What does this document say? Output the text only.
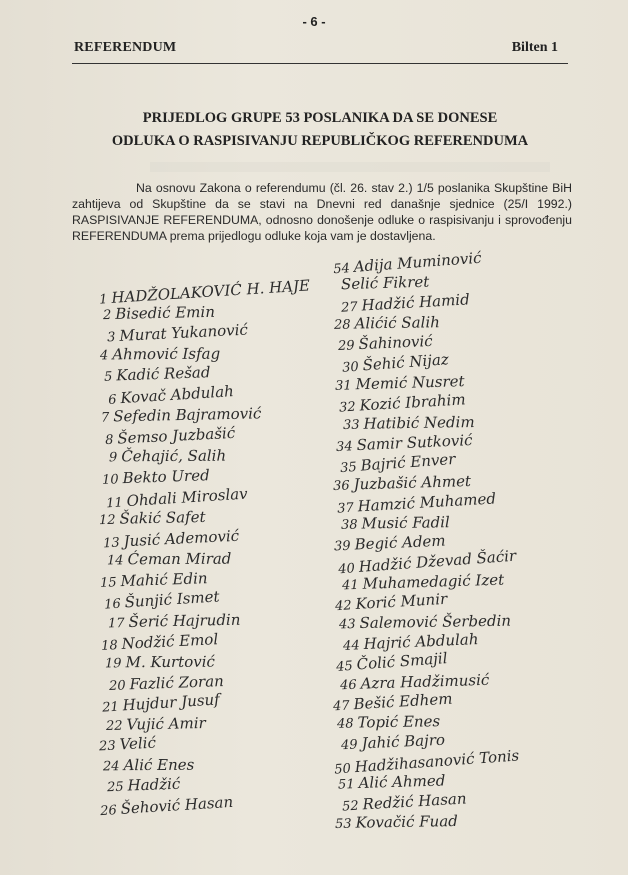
- 6 -
REFERENDUM	Bilten 1
PRIJEDLOG GRUPE 53 POSLANIKA DA SE DONESE
ODLUKA O RASPISIVANJU REPUBLIČKOG REFERENDUMA
Na osnovu Zakona o referendumu (čl. 26. stav 2.) 1/5 poslanika Skupštine BiH zahtijeva od Skupštine da se stavi na Dnevni red današnje sjednice (25/I 1992.) RASPISIVANJE REFERENDUMA, odnosno donošenje odluke o raspisivanju i sprovođenju REFERENDUMA prema prijedlogu odluke koja vam je dostavljena.
1 HADŽOLAKOVIĆ H. HAJE
2 Bisedić Emin
3 Murat Yukanović
4 Ahmović Isfag
5 Kadić Rešad
6 Kovač Abdulah
7 Sefedin Bajramović
8 Šemso Juzbašić
9 Čehajić, Salih
10 Bekto Ured
11 Ohdali Miroslav
12 Šakić Safet
13 Jusić Ademović
14 Ćeman Mirad
15 Mahić Edin
16 Šunjić Ismet
17 Šerić Hajrudin
18 Nodžić Emol
19 M. Kurtović
20 Fazlić Zoran
21 Hujdur Jusuf
22 Vujić Amir
23 Velić
24 Alić Enes
25 Hadžić
26 Šehović Hasan
54 Adija Muminović
Selić Fikret
27 Hadžić Hamid
28 Alićić Salih
29 Šahinović
30 Šehić Nijaz
31 Memić Nusret
32 Kozić Ibrahim
33 Hatibić Nedim
34 Samir Sutković
35 Bajrić Enver
36 Juzbašić Ahmet
37 Hamzić Muhamed
38 Musić Fadil
39 Begić Adem
40 Hadžić Dževad Šaćir
41 Muhamedagić Izet
42 Korić Munir
43 Salemović Šerbedin
44 Hajrić Abdulah
45 Čolić Smajil
46 Azra Hadžimusić
47 Bešić Edhem
48 Topić Enes
49 Jahić Bajro
50 Hadžihasanović Tonis
51 Alić Ahmed
52 Redžić Hasan
53 Kovačić Fuad
